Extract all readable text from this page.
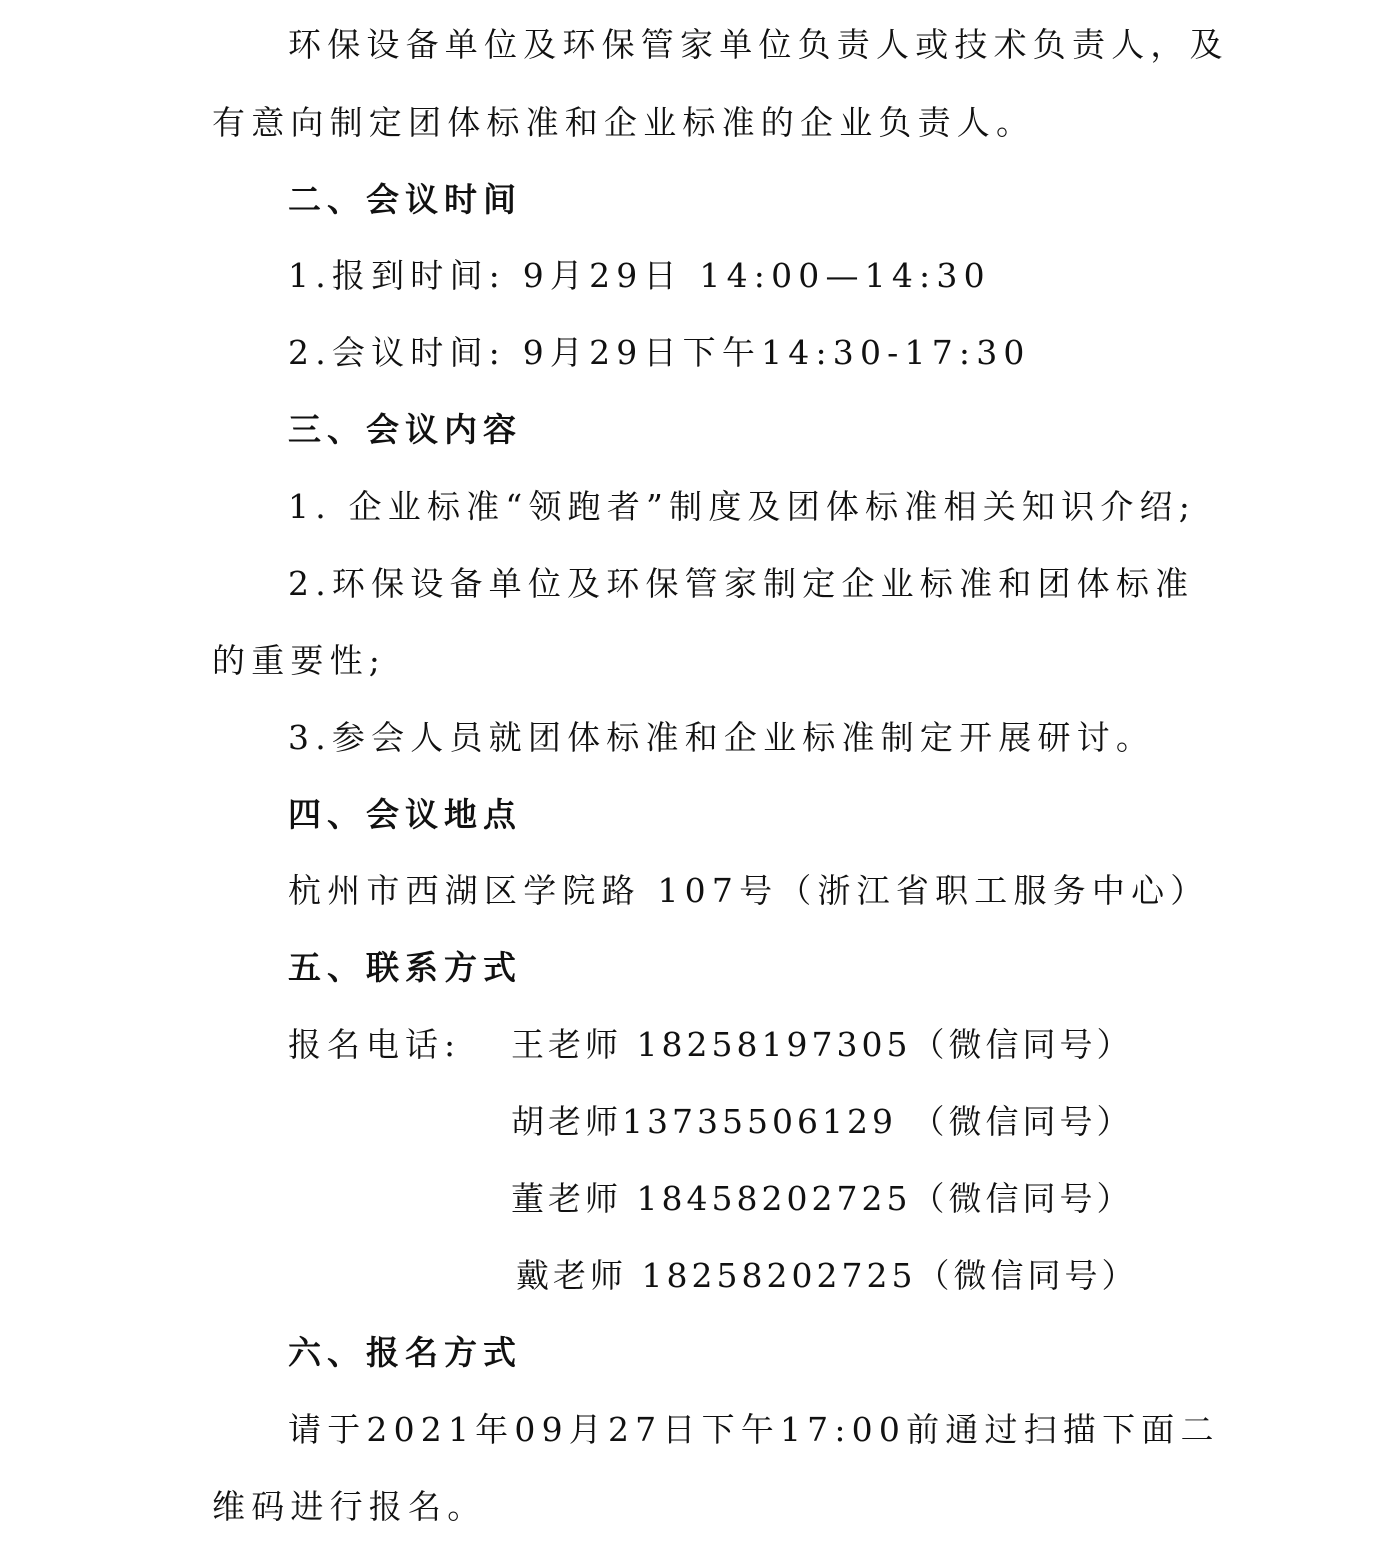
环保设备单位及环保管家单位负责人或技术负责人，及
有意向制定团体标准和企业标准的企业负责人。
二、会议时间
1.报到时间: 9月29日 14:00—14:30
2.会议时间: 9月29日下午14:30-17:30
三、会议内容
1. 企业标准“领跑者”制度及团体标准相关知识介绍;
2.环保设备单位及环保管家制定企业标准和团体标准
的重要性;
3.参会人员就团体标准和企业标准制定开展研讨。
四、会议地点
杭州市西湖区学院路 107号（浙江省职工服务中心）
五、联系方式
报名电话: 王老师 18258197305（微信同号）
胡老师13735506129 （微信同号）
董老师 18458202725（微信同号）
戴老师 18258202725（微信同号）
六、报名方式
请于2021年09月27日下午17:00前通过扫描下面二
维码进行报名。
